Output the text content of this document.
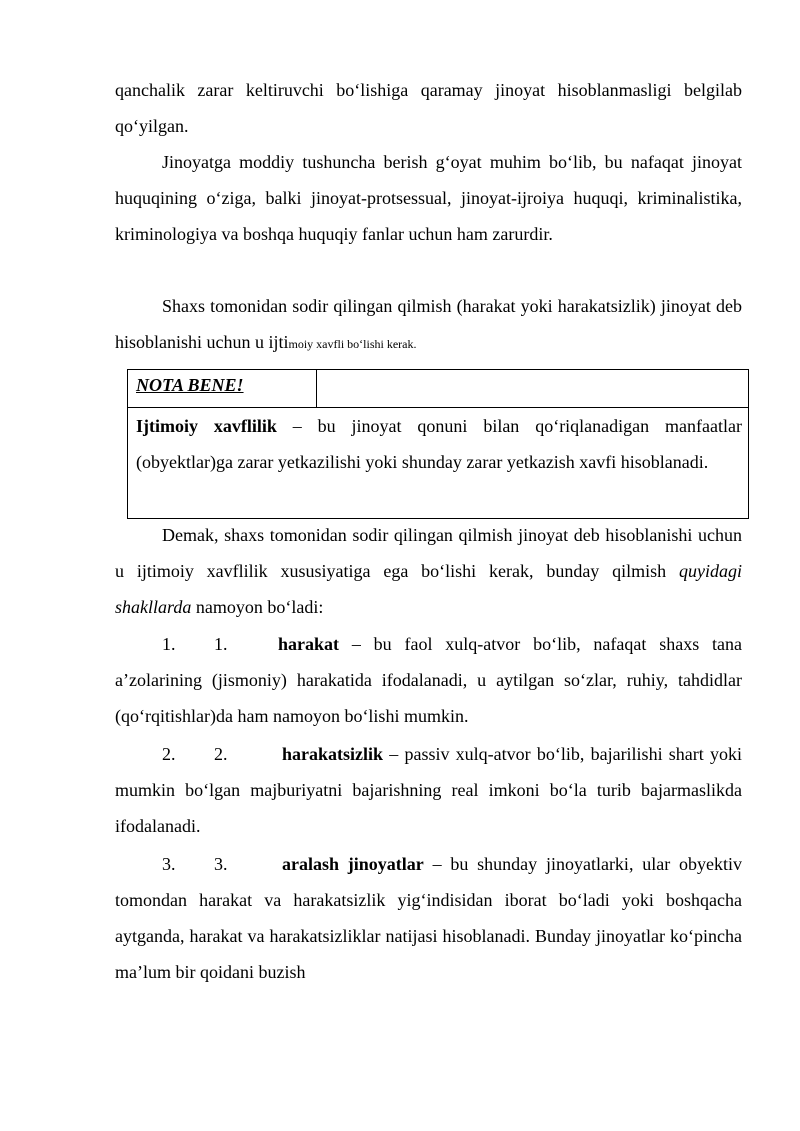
qanchalik zarar keltiruvchi bo‘lishiga qaramay jinoyat hisoblanmasligi belgilab qo‘yilgan.

Jinoyatga moddiy tushuncha berish g‘oyat muhim bo‘lib, bu nafaqat jinoyat huquqining o‘ziga, balki jinoyat-protsessual, jinoyat-ijroiya huquqi, kriminalistika, kriminologiya va boshqa huquqiy fanlar uchun ham zarurdir.

Shaxs tomonidan sodir qilingan qilmish (harakat yoki harakatsizlik) jinoyat deb hisoblanishi uchun u ijtimoiy xavfli bo‘lishi kerak.

NOTA BENE!

Ijtimoiy xavflilik – bu jinoyat qonuni bilan qo‘riqlanadigan manfaatlar (obyektlar)ga zarar yetkazilishi yoki shunday zarar yetkazish xavfi hisoblanadi.

Demak, shaxs tomonidan sodir qilingan qilmish jinoyat deb hisoblanishi uchun u ijtimoiy xavflilik xususiyatiga ega bo‘lishi kerak, bunday qilmish quyidagi shakllarda namoyon bo‘ladi:

1. 1.	harakat – bu faol xulq-atvor bo‘lib, nafaqat shaxs tana a’zolarining (jismoniy) harakatida ifodalanadi, u aytilgan so‘zlar, ruhiy, tahdidlar (qo‘rqitishlar)da ham namoyon bo‘lishi mumkin.

2. 2.	harakatsizlik – passiv xulq-atvor bo‘lib, bajarilishi shart yoki mumkin bo‘lgan majburiyatni bajarishning real imkoni bo‘la turib bajarmaslikda ifodalanadi.

3. 3.	aralash jinoyatlar – bu shunday jinoyatlarki, ular obyektiv tomondan harakat va harakatsizlik yig‘indisidan iborat bo‘ladi yoki boshqacha aytganda, harakat va harakatsizliklar natijasi hisoblanadi. Bunday jinoyatlar ko‘pincha ma’lum bir qoidani buzish
